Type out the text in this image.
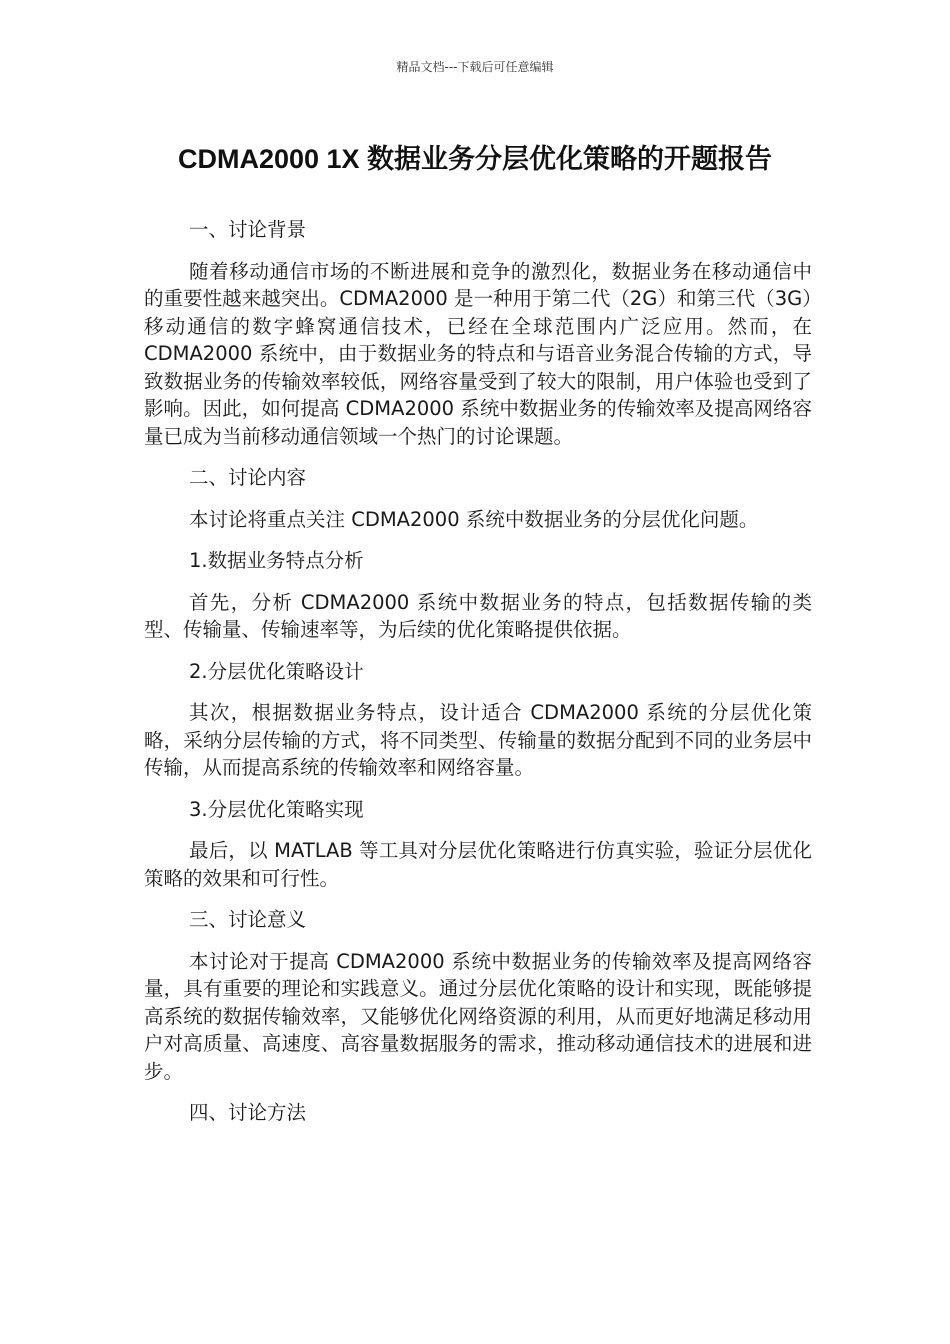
精品文档---下载后可任意编辑
CDMA2000 1X 数据业务分层优化策略的开题报告

一、讨论背景

随着移动通信市场的不断进展和竞争的激烈化，数据业务在移动通信中的重要性越来越突出。CDMA2000 是一种用于第二代（2G）和第三代（3G）移动通信的数字蜂窝通信技术，已经在全球范围内广泛应用。然而，在 CDMA2000 系统中，由于数据业务的特点和与语音业务混合传输的方式，导致数据业务的传输效率较低，网络容量受到了较大的限制，用户体验也受到了影响。因此，如何提高 CDMA2000 系统中数据业务的传输效率及提高网络容量已成为当前移动通信领域一个热门的讨论课题。

二、讨论内容

本讨论将重点关注 CDMA2000 系统中数据业务的分层优化问题。

1.数据业务特点分析

首先，分析 CDMA2000 系统中数据业务的特点，包括数据传输的类型、传输量、传输速率等，为后续的优化策略提供依据。

2.分层优化策略设计

其次，根据数据业务特点，设计适合 CDMA2000 系统的分层优化策略，采纳分层传输的方式，将不同类型、传输量的数据分配到不同的业务层中传输，从而提高系统的传输效率和网络容量。

3.分层优化策略实现

最后，以 MATLAB 等工具对分层优化策略进行仿真实验，验证分层优化策略的效果和可行性。

三、讨论意义

本讨论对于提高 CDMA2000 系统中数据业务的传输效率及提高网络容量，具有重要的理论和实践意义。通过分层优化策略的设计和实现，既能够提高系统的数据传输效率，又能够优化网络资源的利用，从而更好地满足移动用户对高质量、高速度、高容量数据服务的需求，推动移动通信技术的进展和进步。

四、讨论方法
